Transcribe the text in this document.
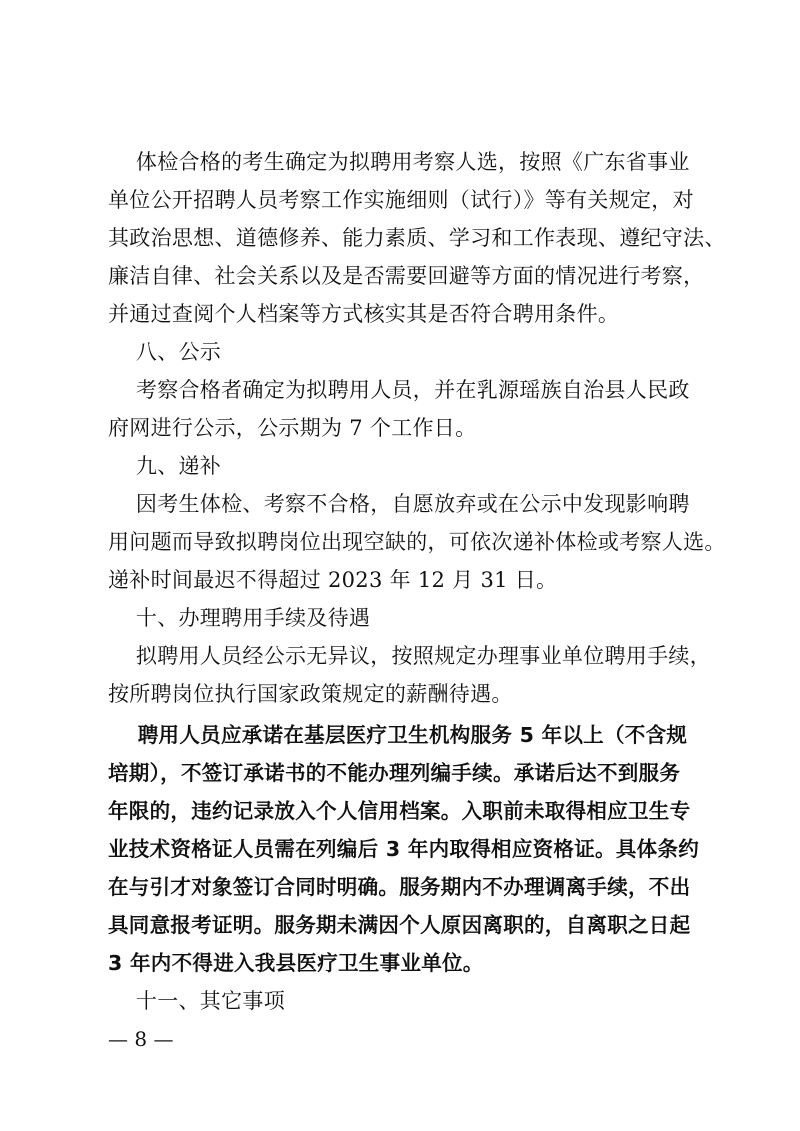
体检合格的考生确定为拟聘用考察人选，按照《广东省事业
单位公开招聘人员考察工作实施细则（试行）》等有关规定，对
其政治思想、道德修养、能力素质、学习和工作表现、遵纪守法、
廉洁自律、社会关系以及是否需要回避等方面的情况进行考察，
并通过查阅个人档案等方式核实其是否符合聘用条件。
八、公示
考察合格者确定为拟聘用人员，并在乳源瑶族自治县人民政
府网进行公示，公示期为 7 个工作日。
九、递补
因考生体检、考察不合格，自愿放弃或在公示中发现影响聘
用问题而导致拟聘岗位出现空缺的，可依次递补体检或考察人选。
递补时间最迟不得超过 2023 年 12 月 31 日。
十、办理聘用手续及待遇
拟聘用人员经公示无异议，按照规定办理事业单位聘用手续，
按所聘岗位执行国家政策规定的薪酬待遇。
聘用人员应承诺在基层医疗卫生机构服务 5 年以上（不含规
培期），不签订承诺书的不能办理列编手续。承诺后达不到服务
年限的，违约记录放入个人信用档案。入职前未取得相应卫生专
业技术资格证人员需在列编后 3 年内取得相应资格证。具体条约
在与引才对象签订合同时明确。服务期内不办理调离手续，不出
具同意报考证明。服务期未满因个人原因离职的，自离职之日起
3 年内不得进入我县医疗卫生事业单位。
十一、其它事项
— 8 —
